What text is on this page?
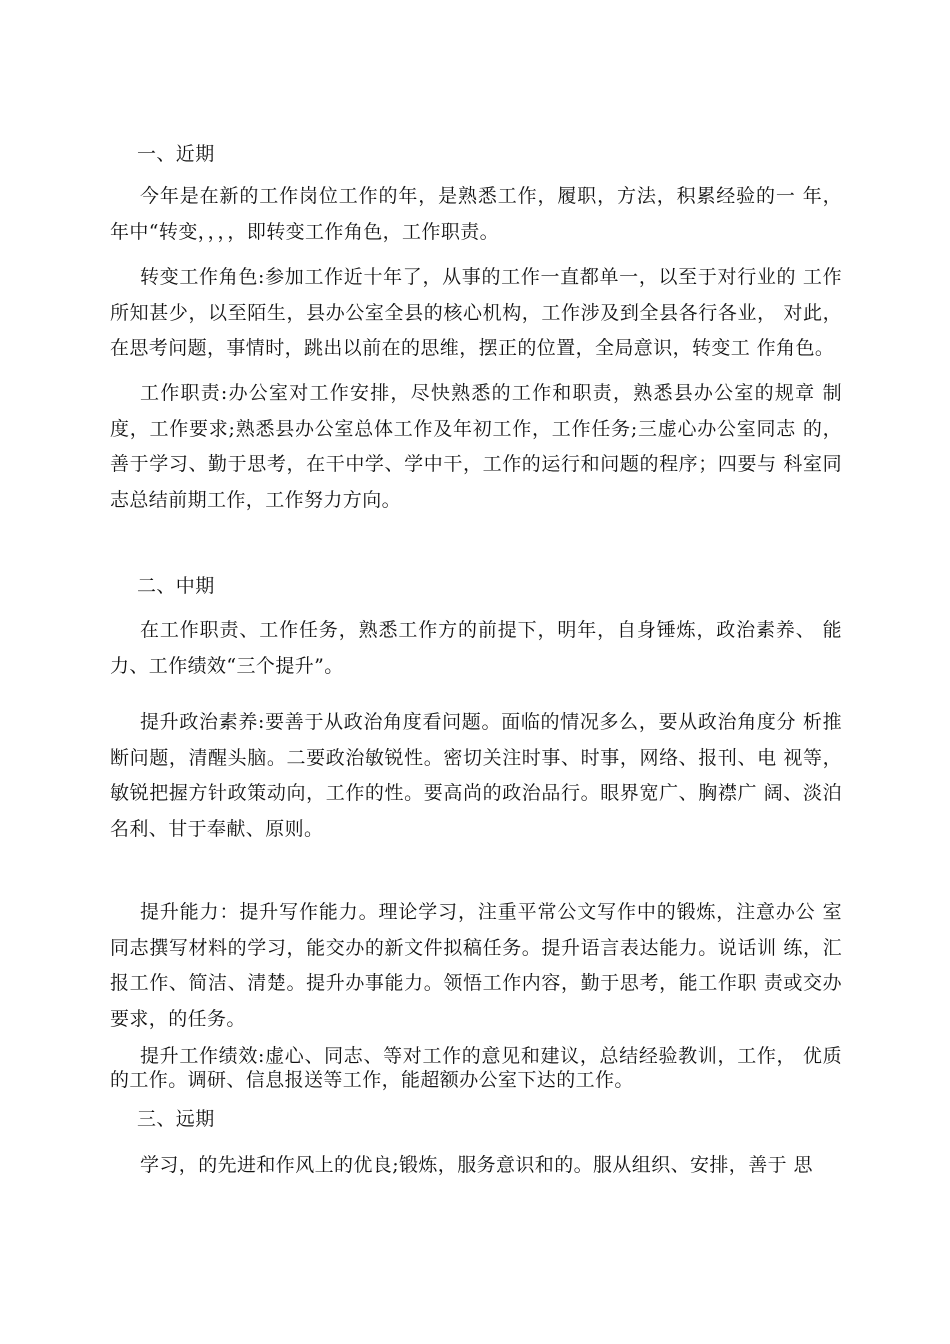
一、近期

今年是在新的工作岗位工作的年，是熟悉工作，履职，方法，积累经验的一 年，年中“转变，，，，即转变工作角色，工作职责。

转变工作角色:参加工作近十年了，从事的工作一直都单一，以至于对行业的 工作所知甚少，以至陌生，县办公室全县的核心机构，工作涉及到全县各行各业， 对此，在思考问题，事情时，跳出以前在的思维，摆正的位置，全局意识，转变工 作角色。

工作职责:办公室对工作安排，尽快熟悉的工作和职责，熟悉县办公室的规章 制度，工作要求;熟悉县办公室总体工作及年初工作，工作任务;三虚心办公室同志 的，善于学习、勤于思考，在干中学、学中干，工作的运行和问题的程序；四要与 科室同志总结前期工作，工作努力方向。

二、中期

在工作职责、工作任务，熟悉工作方的前提下，明年，自身锤炼，政治素养、 能力、工作绩效“三个提升”。

提升政治素养:要善于从政治角度看问题。面临的情况多么，要从政治角度分 析推断问题，清醒头脑。二要政治敏锐性。密切关注时事、时事，网络、报刊、电 视等，敏锐把握方针政策动向，工作的性。要高尚的政治品行。眼界宽广、胸襟广 阔、淡泊名利、甘于奉献、原则。

提升能力：提升写作能力。理论学习，注重平常公文写作中的锻炼，注意办公 室同志撰写材料的学习，能交办的新文件拟稿任务。提升语言表达能力。说话训 练，汇报工作、简洁、清楚。提升办事能力。领悟工作内容，勤于思考，能工作职 责或交办要求，的任务。

提升工作绩效:虚心、同志、等对工作的意见和建议，总结经验教训，工作， 优质的工作。调研、信息报送等工作，能超额办公室下达的工作。

三、远期

学习，的先进和作风上的优良;锻炼，服务意识和的。服从组织、安排，善于 思
